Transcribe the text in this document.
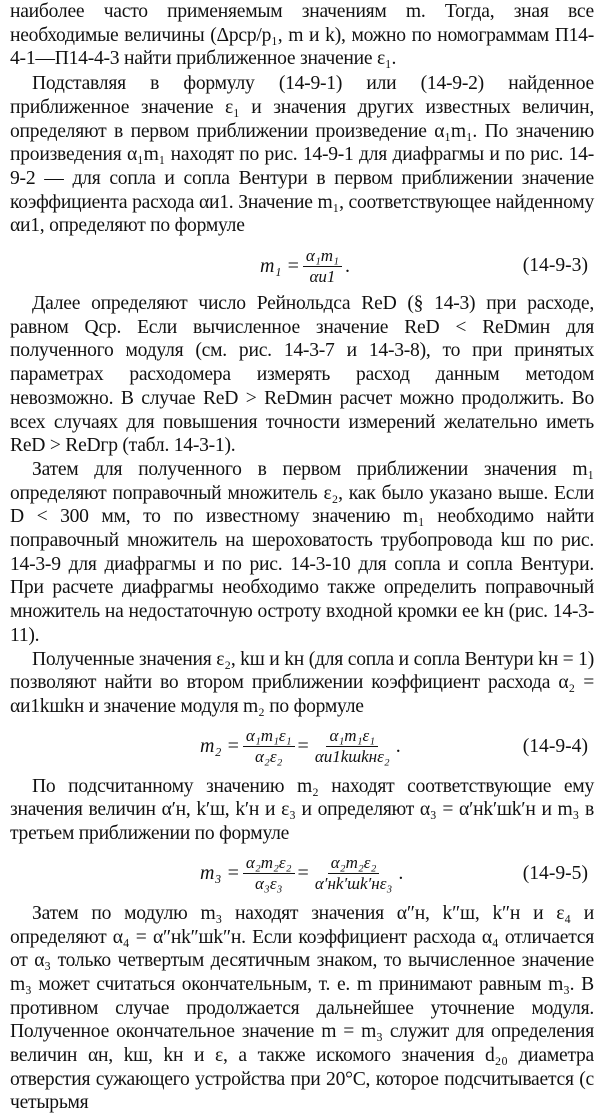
наиболее часто применяемым значениям m. Тогда, зная все необходимые величины (Δpср/p₁, m и k), можно по номограммам П14-4-1—П14-4-3 найти приближенное значение ε₁.

Подставляя в формулу (14-9-1) или (14-9-2) найденное приближенное значение ε₁ и значения других известных величин, определяют в первом приближении произведение α₁m₁. По значению произведения α₁m₁ находят по рис. 14-9-1 для диафрагмы и по рис. 14-9-2 — для сопла и сопла Вентури в первом приближении значение коэффициента расхода αи1. Значение m₁, соответствующее найденному αи1, определяют по формуле

$m_1 = \frac{\text{α₁m₁}}{\alpha и1}$ .	(14-9-3)

Далее определяют число Рейнольдса ReD (§ 14-3) при расходе, равном Qср. Если вычисленное значение ReD < ReDмин для полученного модуля (см. рис. 14-3-7 и 14-3-8), то при принятых параметрах расходомера измерять расход данным методом невозможно. В случае ReD > ReDмин расчет можно продолжить. Во всех случаях для повышения точности измерений желательно иметь ReD > ReDгр (табл. 14-3-1).

Затем для полученного в первом приближении значения m₁ определяют поправочный множитель ε₂, как было указано выше. Если D < 300 мм, то по известному значению m₁ необходимо найти поправочный множитель на шероховатость трубопровода kш по рис. 14-3-9 для диафрагмы и по рис. 14-3-10 для сопла и сопла Вентури. При расчете диафрагмы необходимо также определить поправочный множитель на недостаточную остроту входной кромки ее kн (рис. 14-3-11).

Полученные значения ε₂, kш и kн (для сопла и сопла Вентури kн = 1) позволяют найти во втором приближении коэффициент расхода α₂ = αи1kшkн и значение модуля m₂ по формуле

$m_2 = \frac{\text{α₁m₁ε₁}}{\text{α₂ε₂}} = \frac{\text{α₁m₁ε₁}}{\text{αи1kшkнε₂}}$ .	(14-9-4)

По подсчитанному значению m₂ находят соответствующие ему значения величин α′н, k′ш, k′н и ε₃ и определяют α₃ = α′нk′шk′н и m₃ в третьем приближении по формуле

$m_3 = \frac{\text{α₂m₂ε₂}}{\text{α₃ε₃}} = \frac{\text{α₂m₂ε₂}}{\text{α′нk′шk′нε₃}}$ .	(14-9-5)

Затем по модулю m₃ находят значения α″н, k″ш, k″н и ε₄ и определяют α₄ = α″нk″шk″н. Если коэффициент расхода α₄ отличается от α₃ только четвертым десятичным знаком, то вычисленное значение m₃ может считаться окончательным, т. е. m принимают равным m₃. В противном случае продолжается дальнейшее уточнение модуля. Полученное окончательное значение m = m₃ служит для определения величин αн, kш, kн и ε, а также искомого значения d₂₀ диаметра отверстия сужающего устройства при 20°С, которое подсчитывается (с четырьмя
